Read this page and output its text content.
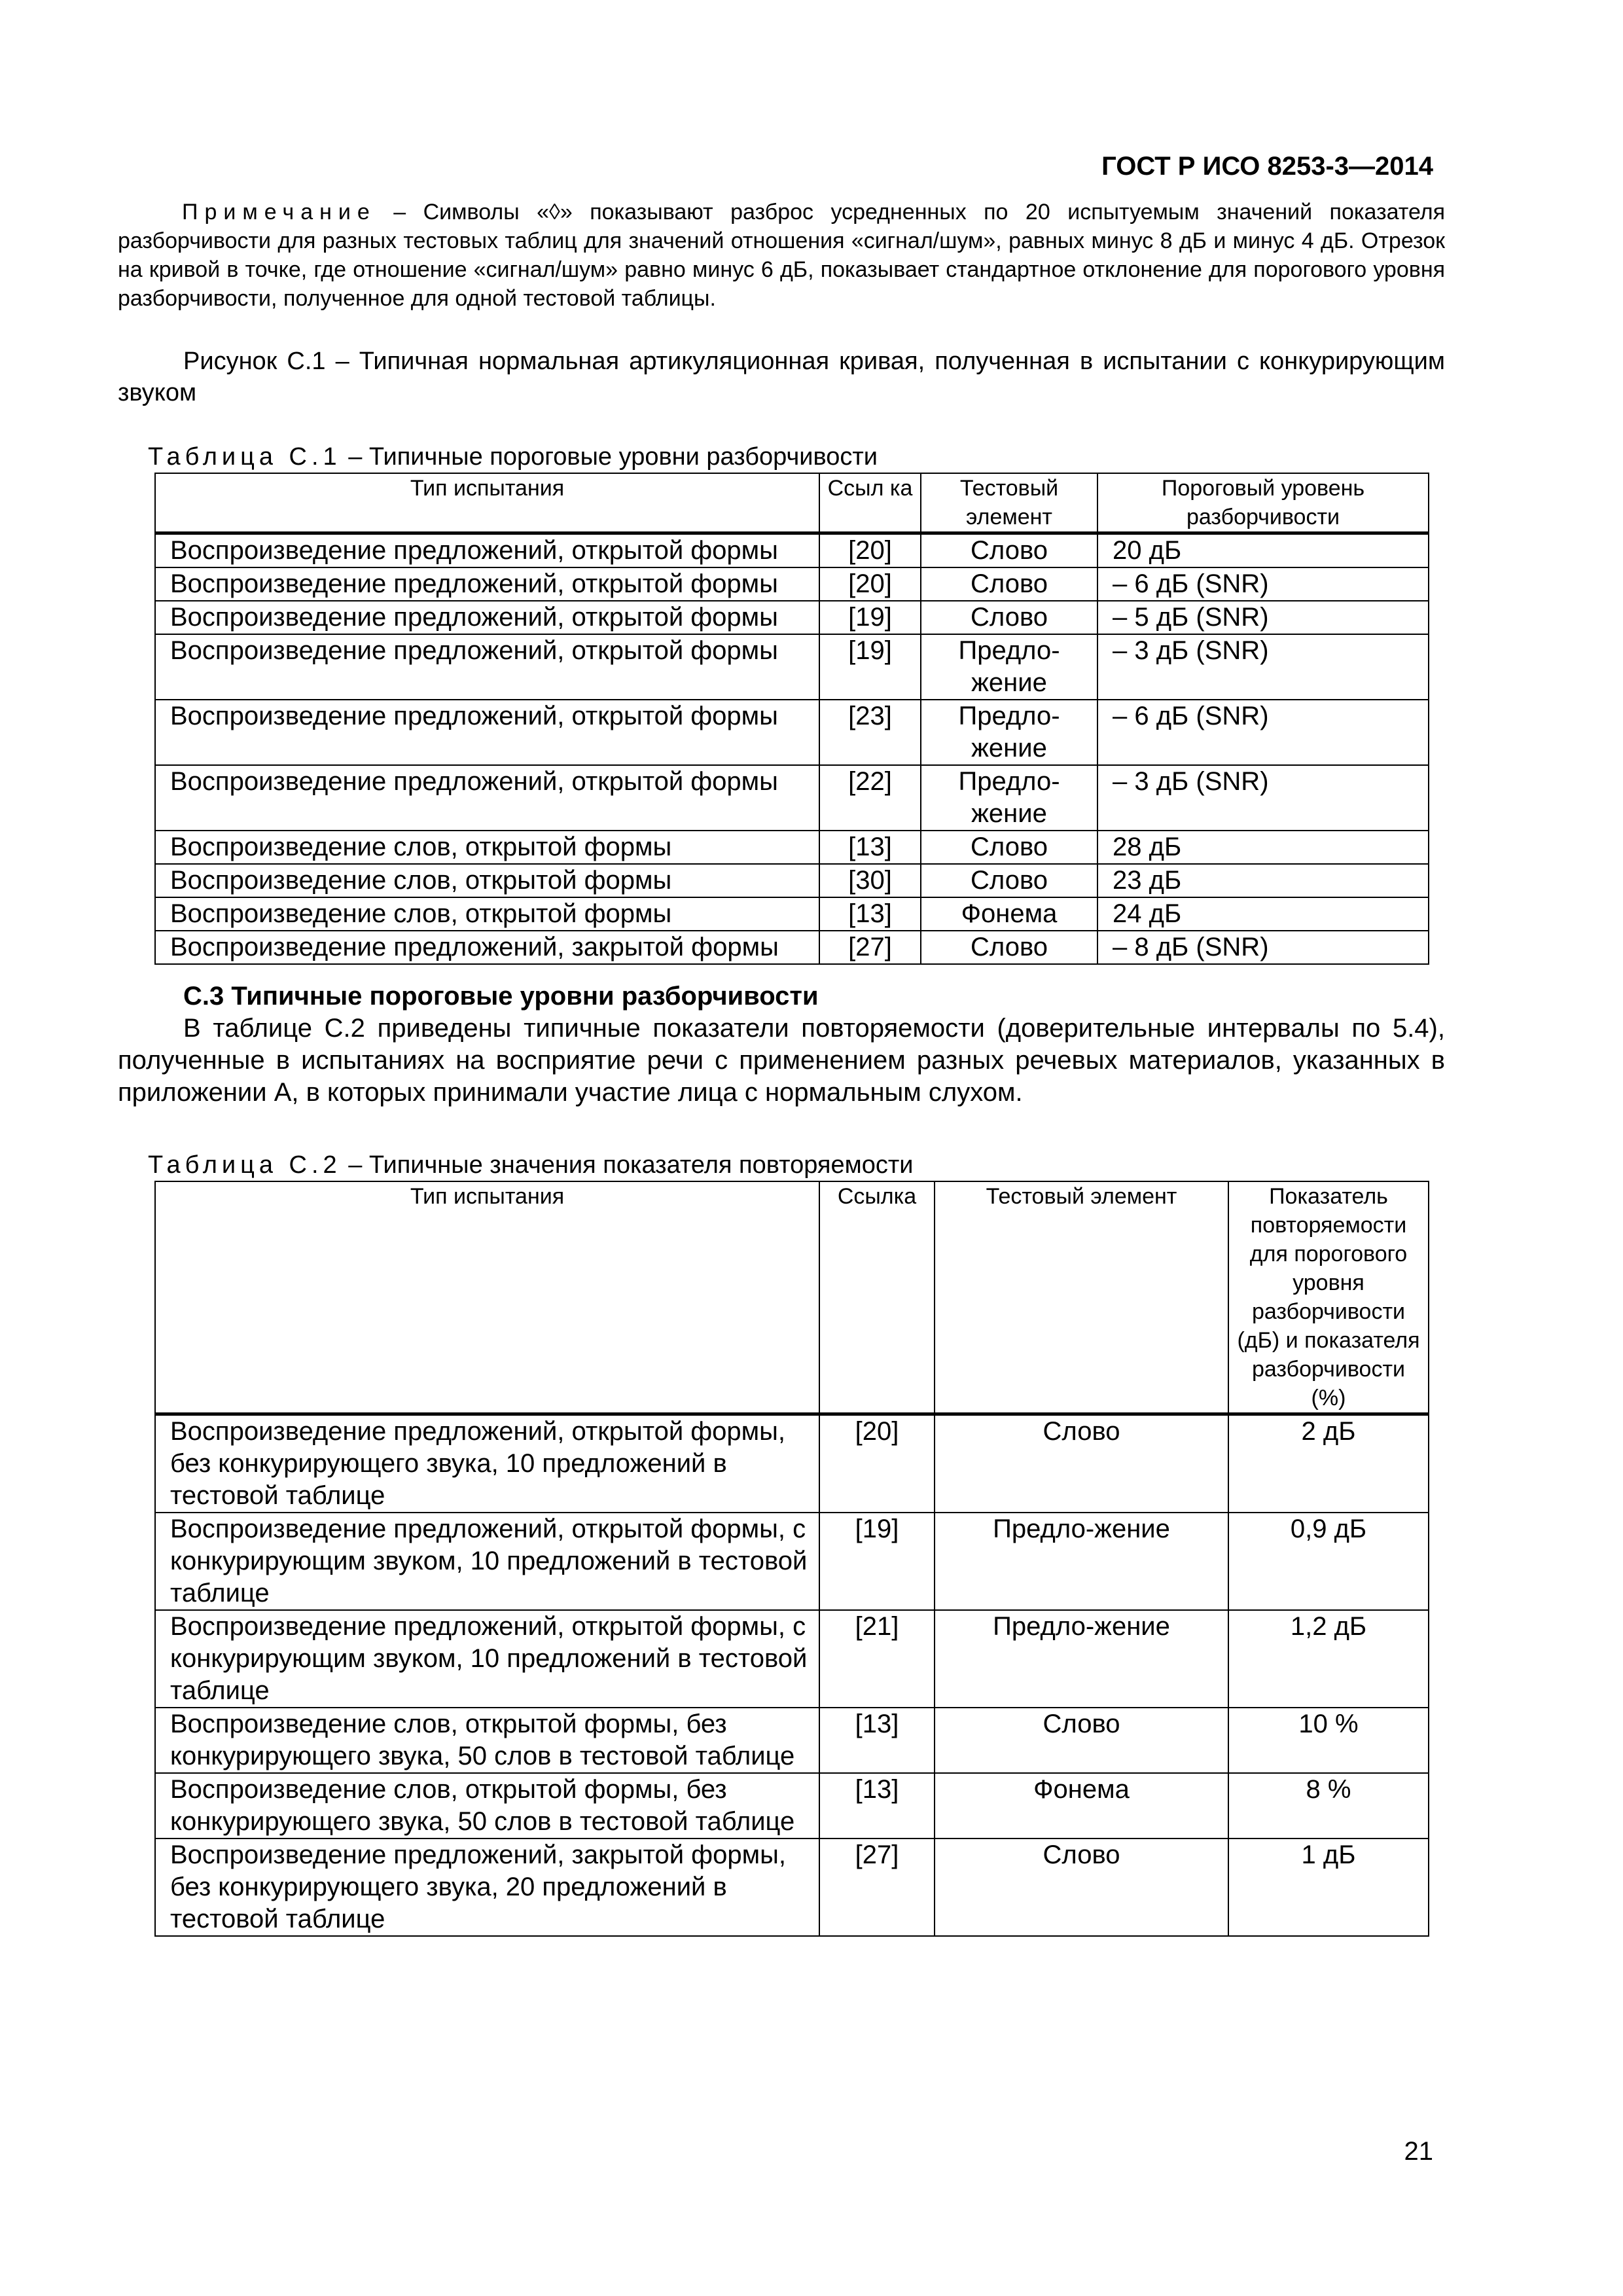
ГОСТ Р ИСО 8253-3—2014
Примечание – Символы «◊» показывают разброс усредненных по 20 испытуемым значений показателя разборчивости для разных тестовых таблиц для значений отношения «сигнал/шум», равных минус 8 дБ и минус 4 дБ. Отрезок на кривой в точке, где отношение «сигнал/шум» равно минус 6 дБ, показывает стандартное отклонение для порогового уровня разборчивости, полученное для одной тестовой таблицы.
Рисунок С.1 – Типичная нормальная артикуляционная кривая, полученная в испытании с конкурирующим звуком
Таблица С.1 – Типичные пороговые уровни разборчивости
Тип испытания	Ссыл ка	Тестовый элемент	Пороговый уровень разборчивости
Воспроизведение предложений, открытой формы	[20]	Слово	20 дБ
Воспроизведение предложений, открытой формы	[20]	Слово	– 6 дБ (SNR)
Воспроизведение предложений, открытой формы	[19]	Слово	– 5 дБ (SNR)
Воспроизведение предложений, открытой формы	[19]	Предло-жение	– 3 дБ (SNR)
Воспроизведение предложений, открытой формы	[23]	Предло-жение	– 6 дБ (SNR)
Воспроизведение предложений, открытой формы	[22]	Предло-жение	– 3 дБ (SNR)
Воспроизведение слов, открытой формы	[13]	Слово	28 дБ
Воспроизведение слов, открытой формы	[30]	Слово	23 дБ
Воспроизведение слов, открытой формы	[13]	Фонема	24 дБ
Воспроизведение предложений, закрытой формы	[27]	Слово	– 8 дБ (SNR)
С.3 Типичные пороговые уровни разборчивости
В таблице С.2 приведены типичные показатели повторяемости (доверительные интервалы по 5.4), полученные в испытаниях на восприятие речи с применением разных речевых материалов, указанных в приложении А, в которых принимали участие лица с нормальным слухом.
Таблица С.2 – Типичные значения показателя повторяемости
Тип испытания	Ссылка	Тестовый элемент	Показатель повторяемости для порогового уровня разборчивости (дБ) и показателя разборчивости (%)
Воспроизведение предложений, открытой формы, без конкурирующего звука, 10 предложений в тестовой таблице	[20]	Слово	2 дБ
Воспроизведение предложений, открытой формы, с конкурирующим звуком, 10 предложений в тестовой таблице	[19]	Предло-жение	0,9 дБ
Воспроизведение предложений, открытой формы, с конкурирующим звуком, 10 предложений в тестовой таблице	[21]	Предло-жение	1,2 дБ
Воспроизведение слов, открытой формы, без конкурирующего звука, 50 слов в тестовой таблице	[13]	Слово	10 %
Воспроизведение слов, открытой формы, без конкурирующего звука, 50 слов в тестовой таблице	[13]	Фонема	8 %
Воспроизведение предложений, закрытой формы, без конкурирующего звука, 20 предложений в тестовой таблице	[27]	Слово	1 дБ
21
